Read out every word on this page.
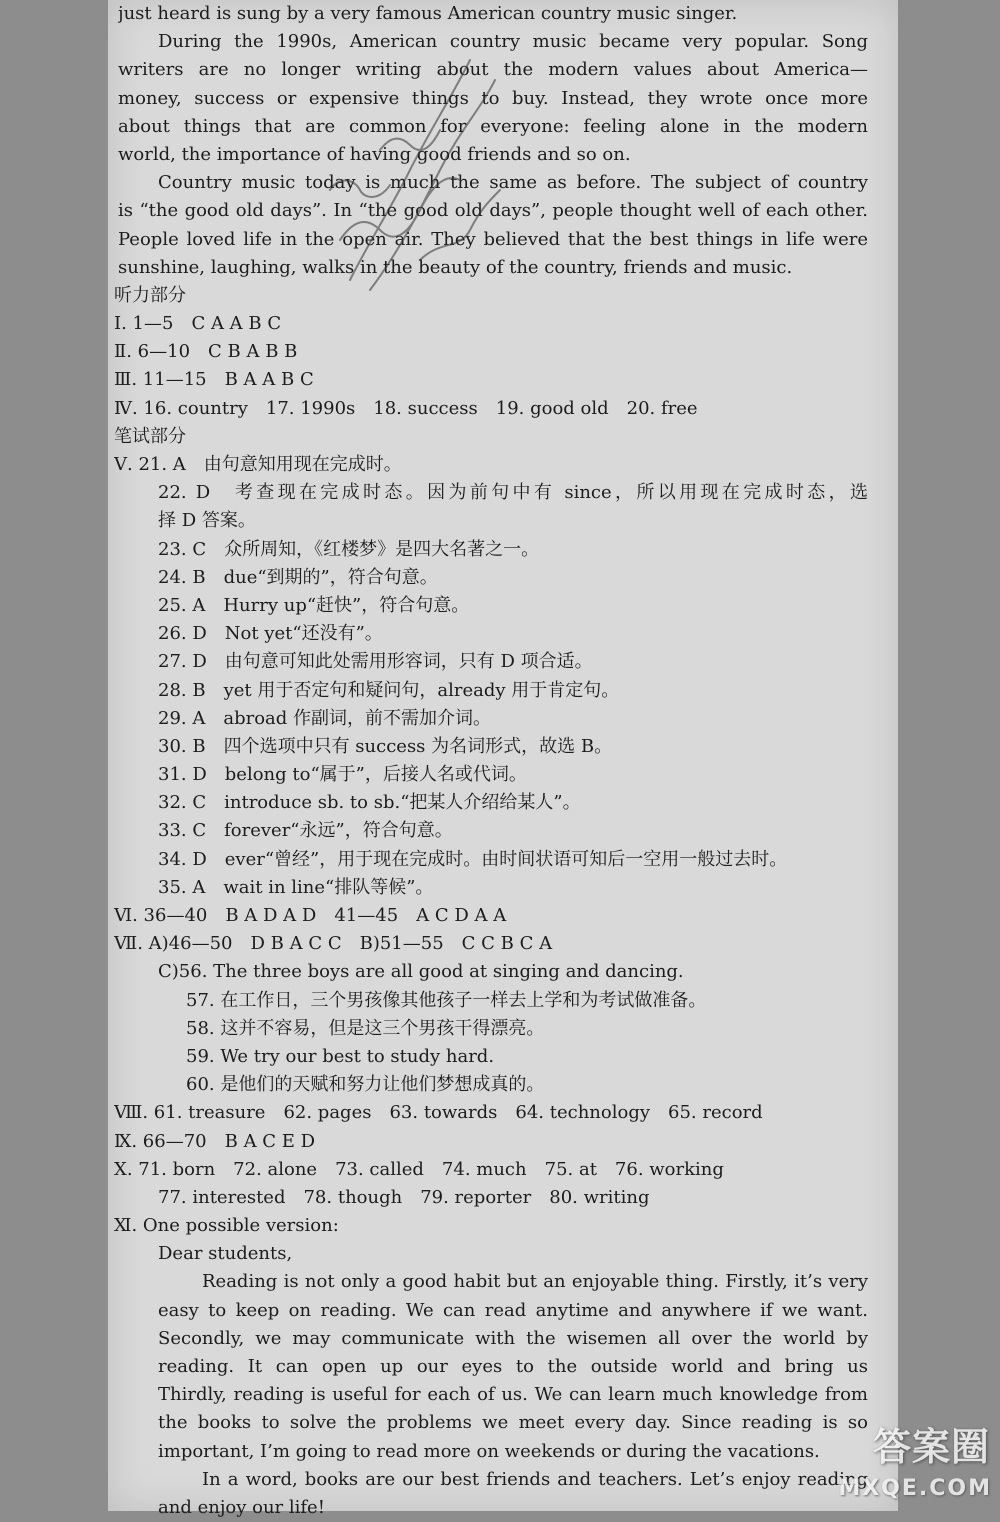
just heard is sung by a very famous American country music singer.
During the 1990s, American country music became very popular. Song
writers are no longer writing about the modern values about America—
money, success or expensive things to buy. Instead, they wrote once more
about things that are common for everyone: feeling alone in the modern
world, the importance of having good friends and so on.
Country music today is much the same as before. The subject of country
is “the good old days”. In “the good old days”, people thought well of each other.
People loved life in the open air. They believed that the best things in life were
sunshine, laughing, walks in the beauty of the country, friends and music.
听力部分
Ⅰ. 1—5　C A A B C
Ⅱ. 6—10　C B A B B
Ⅲ. 11—15　B A A B C
Ⅳ. 16. country　17. 1990s　18. success　19. good old　20. free
笔试部分
Ⅴ. 21. A　由句意知用现在完成时。
22. D　考查现在完成时态。因为前句中有 since，所以用现在完成时态，选
择 D 答案。
23. C　众所周知，《红楼梦》是四大名著之一。
24. B　due“到期的”，符合句意。
25. A　Hurry up“赶快”，符合句意。
26. D　Not yet“还没有”。
27. D　由句意可知此处需用形容词，只有 D 项合适。
28. B　yet 用于否定句和疑问句，already 用于肯定句。
29. A　abroad 作副词，前不需加介词。
30. B　四个选项中只有 success 为名词形式，故选 B。
31. D　belong to“属于”，后接人名或代词。
32. C　introduce sb. to sb.“把某人介绍给某人”。
33. C　forever“永远”，符合句意。
34. D　ever“曾经”，用于现在完成时。由时间状语可知后一空用一般过去时。
35. A　wait in line“排队等候”。
Ⅵ. 36—40　B A D A D　41—45　A C D A A
Ⅶ. A)46—50　D B A C C　B)51—55　C C B C A
C)56. The three boys are all good at singing and dancing.
57. 在工作日，三个男孩像其他孩子一样去上学和为考试做准备。
58. 这并不容易，但是这三个男孩干得漂亮。
59. We try our best to study hard.
60. 是他们的天赋和努力让他们梦想成真的。
Ⅷ. 61. treasure　62. pages　63. towards　64. technology　65. record
Ⅸ. 66—70　B A C E D
Ⅹ. 71. born　72. alone　73. called　74. much　75. at　76. working
77. interested　78. though　79. reporter　80. writing
Ⅺ. One possible version:
Dear students,
Reading is not only a good habit but an enjoyable thing. Firstly, it’s very
easy to keep on reading. We can read anytime and anywhere if we want.
Secondly, we may communicate with the wisemen all over the world by
reading. It can open up our eyes to the outside world and bring us
Thirdly, reading is useful for each of us. We can learn much knowledge from
the books to solve the problems we meet every day. Since reading is so
important, I’m going to read more on weekends or during the vacations.
In a word, books are our best friends and teachers. Let’s enjoy reading
and enjoy our life!
答案圈
MXQE.COM
